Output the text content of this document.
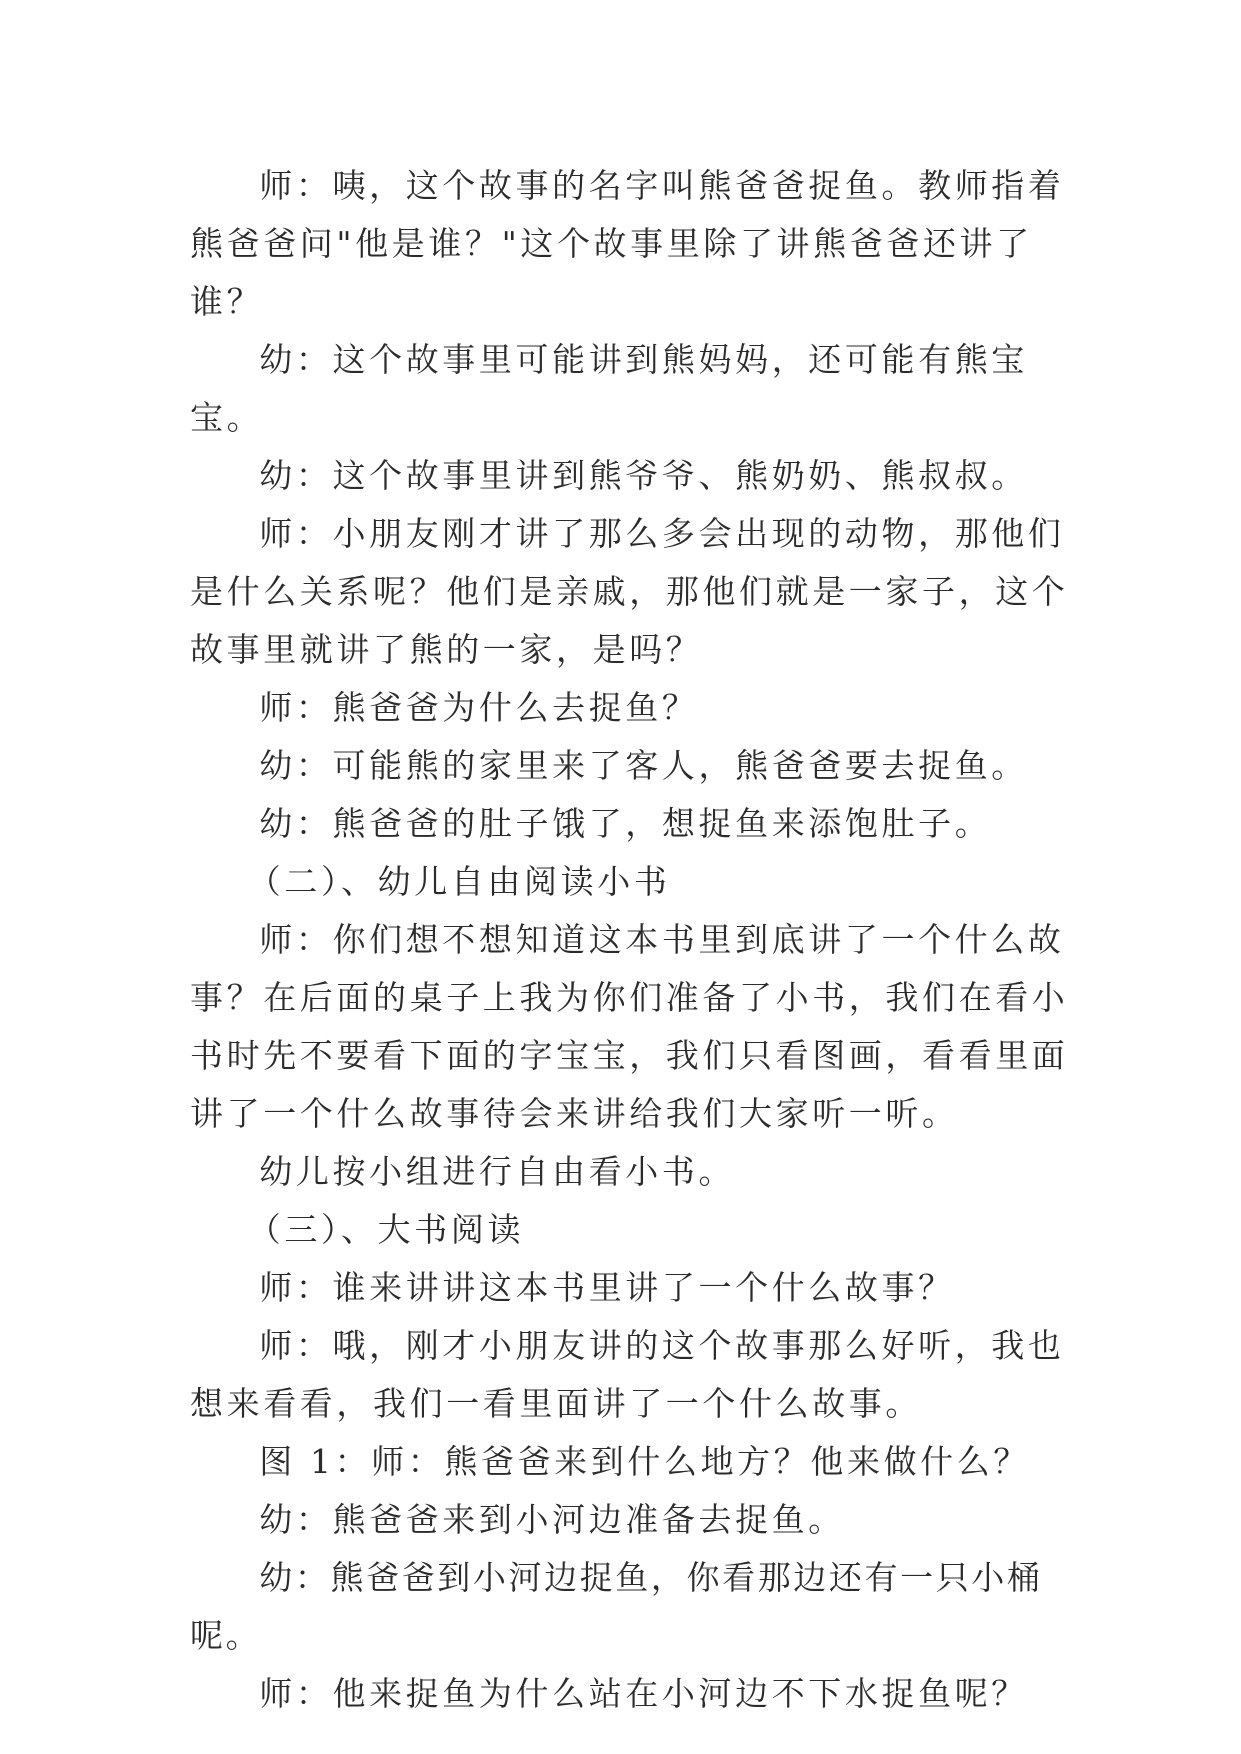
师：咦，这个故事的名字叫熊爸爸捉鱼。教师指着熊爸爸问"他是谁？"这个故事里除了讲熊爸爸还讲了谁？

幼：这个故事里可能讲到熊妈妈，还可能有熊宝宝。

幼：这个故事里讲到熊爷爷、熊奶奶、熊叔叔。

师：小朋友刚才讲了那么多会出现的动物，那他们是什么关系呢？他们是亲戚，那他们就是一家子，这个故事里就讲了熊的一家，是吗？

师：熊爸爸为什么去捉鱼？

幼：可能熊的家里来了客人，熊爸爸要去捉鱼。

幼：熊爸爸的肚子饿了，想捉鱼来添饱肚子。

（二）、幼儿自由阅读小书

师：你们想不想知道这本书里到底讲了一个什么故事？在后面的桌子上我为你们准备了小书，我们在看小书时先不要看下面的字宝宝，我们只看图画，看看里面讲了一个什么故事待会来讲给我们大家听一听。

幼儿按小组进行自由看小书。

（三）、大书阅读

师：谁来讲讲这本书里讲了一个什么故事？

师：哦，刚才小朋友讲的这个故事那么好听，我也想来看看，我们一看里面讲了一个什么故事。

图 1：师：熊爸爸来到什么地方？他来做什么？

幼：熊爸爸来到小河边准备去捉鱼。

幼：熊爸爸到小河边捉鱼，你看那边还有一只小桶呢。

师：他来捉鱼为什么站在小河边不下水捉鱼呢？
